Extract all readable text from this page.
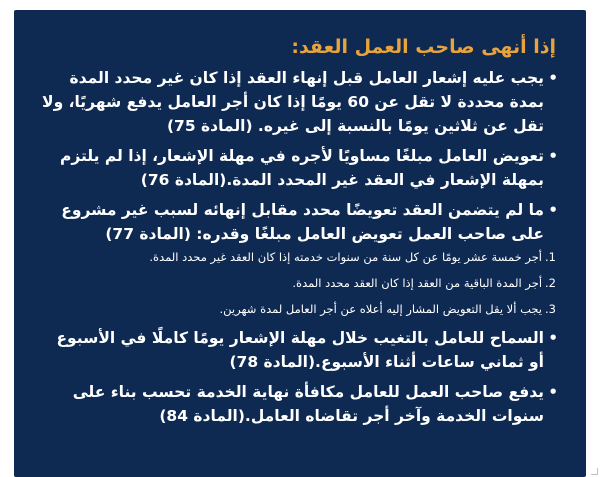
إذا أنهى صاحب العمل العقد:
•
يجب عليه إشعار العامل قبل إنهاء العقد إذا كان غير محدد المدة بمدة محددة لا تقل عن 60 يومًا إذا كان أجر العامل يدفع شهريًا، ولا تقل عن ثلاثين يومًا بالنسبة إلى غيره. (المادة 75)
•
تعويض العامل مبلغًا مساويًا لأجره في مهلة الإشعار، إذا لم يلتزم بمهلة الإشعار في العقد غير المحدد المدة.(المادة 76)
•
ما لم يتضمن العقد تعويضًا محدد مقابل إنهائه لسبب غير مشروع على صاحب العمل تعويض العامل مبلغًا وقدره: (المادة 77)
1.أجر خمسة عشر يومًا عن كل سنة من سنوات خدمته إذا كان العقد غير محدد المدة.
2.أجر المدة الباقية من العقد إذا كان العقد محدد المدة.
3.يجب ألا يقل التعويض المشار إليه أعلاه عن أجر العامل لمدة شهرين.
•
السماح للعامل بالتغيب خلال مهلة الإشعار يومًا كاملًا في الأسبوع أو ثماني ساعات أثناء الأسبوع.(المادة 78)
•
يدفع صاحب العمل للعامل مكافأة نهاية الخدمة تحسب بناء على سنوات الخدمة وآخر أجر تقاضاه العامل.(المادة 84)
